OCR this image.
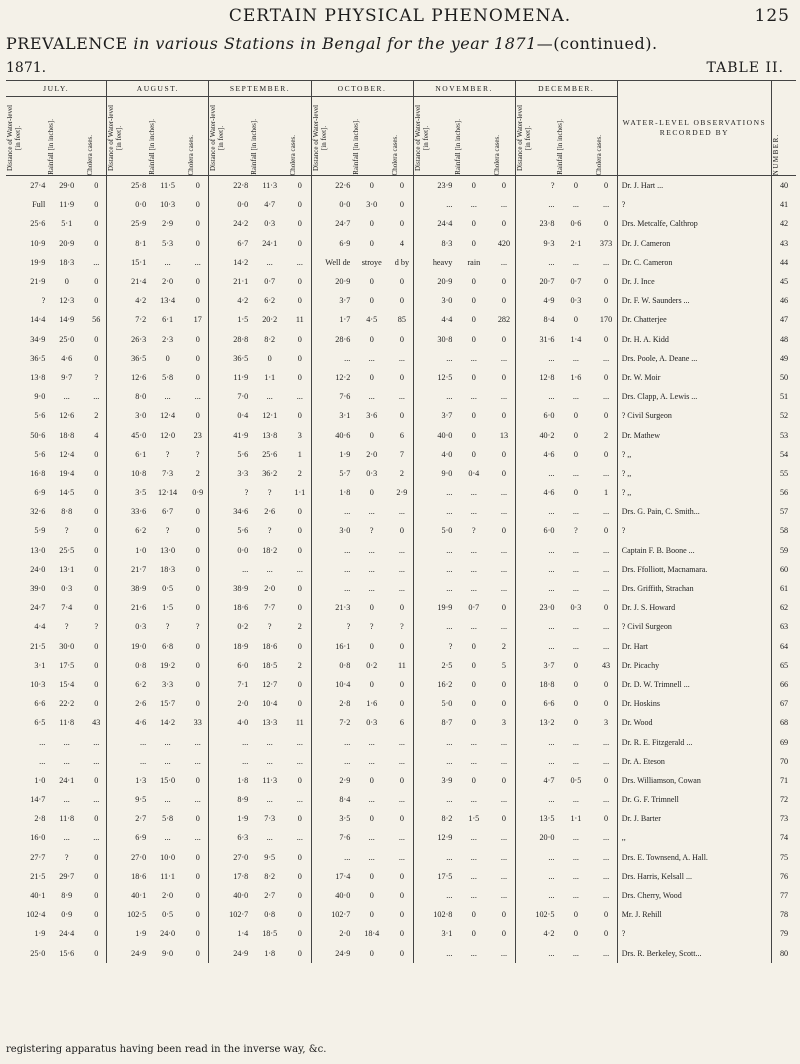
CERTAIN PHYSICAL PHENOMENA.	125
PREVALENCE in various Stations in Bengal for the year 1871—(continued).
1871.	TABLE II.
JULY.			AUGUST.			SEPTEMBER.			OCTOBER.			NOVEMBER.			DECEMBER.			WATER-LEVEL OBSERVATIONS RECORDED BY	NUMBER.

Distance of Water-level [in feet].	Rainfall [in inches].	Cholera cases.	Distance of Water-level [in feet].	Rainfall [in inches].	Cholera cases.	Distance of Water-level [in feet].	Rainfall [in inches].	Cholera cases.	Distance of Water-level [in feet].	Rainfall [in inches].	Cholera cases.	Distance of Water-level [in feet].	Rainfall [in inches].	Cholera cases.	Distance of Water-level [in feet].	Rainfall [in inches].	Cholera cases.		

27·4	29·0	0	25·8	11·5	0	22·8	11·3	0	22·6	0	0	23·9	0	0	?	0	0	Dr. J. Hart ...	40
Full	11·9	0	0·0	10·3	0	0·0	4·7	0	0·0	3·0	0	...	...	...	...	...	...	?	41
25·6	5·1	0	25·9	2·9	0	24·2	0·3	0	24·7	0	0	24·4	0	0	23·8	0·6	0	Drs. Metcalfe, Calthrop	42
10·9	20·9	0	8·1	5·3	0	6·7	24·1	0	6·9	0	4	8·3	0	420	9·3	2·1	373	Dr. J. Cameron	43
19·9	18·3	...	15·1	...	...	14·2	...	...	Well de	stroye	d by	heavy	rain	...	...	...	...	Dr. C. Cameron	44
21·9	0	0	21·4	2·0	0	21·1	0·7	0	20·9	0	0	20·9	0	0	20·7	0·7	0	Dr. J. Ince	45
?	12·3	0	4·2	13·4	0	4·2	6·2	0	3·7	0	0	3·0	0	0	4·9	0·3	0	Dr. F. W. Saunders ...	46
14·4	14·9	56	7·2	6·1	17	1·5	20·2	11	1·7	4·5	85	4·4	0	282	8·4	0	170	Dr. Chatterjee	47
34·9	25·0	0	26·3	2·3	0	28·8	8·2	0	28·6	0	0	30·8	0	0	31·6	1·4	0	Dr. H. A. Kidd	48
36·5	4·6	0	36·5	0	0	36·5	0	0	...	...	...	...	...	...	...	...	...	Drs. Poole, A. Deane ...	49
13·8	9·7	?	12·6	5·8	0	11·9	1·1	0	12·2	0	0	12·5	0	0	12·8	1·6	0	Dr. W. Moir	50
9·0	...	...	8·0	...	...	7·0	...	...	7·6	...	...	...	...	...	...	...	...	Drs. Clapp, A. Lewis ...	51
5·6	12·6	2	3·0	12·4	0	0·4	12·1	0	3·1	3·6	0	3·7	0	0	6·0	0	0	? Civil Surgeon	52
50·6	18·8	4	45·0	12·0	23	41·9	13·8	3	40·6	0	6	40·0	0	13	40·2	0	2	Dr. Mathew	53
5·6	12·4	0	6·1	?	?	5·6	25·6	1	1·9	2·0	7	4·0	0	0	4·6	0	0	? ,,	54
16·8	19·4	0	10·8	7·3	2	3·3	36·2	2	5·7	0·3	2	9·0	0·4	0	...	...	...	? ,,	55
6·9	14·5	0	3·5	12·14	0·9	?	?	1·1	1·8	0	2·9	...	...	...	4·6	0	1	? ,,	56
32·6	8·8	0	33·6	6·7	0	34·6	2·6	0	...	...	...	...	...	...	...	...	...	Drs. G. Pain, C. Smith...	57
5·9	?	0	6·2	?	0	5·6	?	0	3·0	?	0	5·0	?	0	6·0	?	0	?	58
13·0	25·5	0	1·0	13·0	0	0·0	18·2	0	...	...	...	...	...	...	...	...	...	Captain F. B. Boone ...	59
24·0	13·1	0	21·7	18·3	0	...	...	...	...	...	...	...	...	...	...	...	...	Drs. Ffolliott, Macnamara.	60
39·0	0·3	0	38·9	0·5	0	38·9	2·0	0	...	...	...	...	...	...	...	...	...	Drs. Griffith, Strachan	61
24·7	7·4	0	21·6	1·5	0	18·6	7·7	0	21·3	0	0	19·9	0·7	0	23·0	0·3	0	Dr. J. S. Howard	62
4·4	?	?	0·3	?	?	0·2	?	2	?	?	?	...	...	...	...	...	...	? Civil Surgeon	63
21·5	30·0	0	19·0	6·8	0	18·9	18·6	0	16·1	0	0	?	0	2	...	...	...	Dr. Hart	64
3·1	17·5	0	0·8	19·2	0	6·0	18·5	2	0·8	0·2	11	2·5	0	5	3·7	0	43	Dr. Picachy	65
10·3	15·4	0	6·2	3·3	0	7·1	12·7	0	10·4	0	0	16·2	0	0	18·8	0	0	Dr. D. W. Trimnell ...	66
6·6	22·2	0	2·6	15·7	0	2·0	10·4	0	2·8	1·6	0	5·0	0	0	6·6	0	0	Dr. Hoskins	67
6·5	11·8	43	4·6	14·2	33	4·0	13·3	11	7·2	0·3	6	8·7	0	3	13·2	0	3	Dr. Wood	68
...	...	...	...	...	...	...	...	...	...	...	...	...	...	...	...	...	...	Dr. R. E. Fitzgerald ...	69
...	...	...	...	...	...	...	...	...	...	...	...	...	...	...	...	...	...	Dr. A. Eteson	70
1·0	24·1	0	1·3	15·0	0	1·8	11·3	0	2·9	0	0	3·9	0	0	4·7	0·5	0	Drs. Williamson, Cowan	71
14·7	...	...	9·5	...	...	8·9	...	...	8·4	...	...	...	...	...	...	...	...	Dr. G. F. Trimnell	72
2·8	11·8	0	2·7	5·8	0	1·9	7·3	0	3·5	0	0	8·2	1·5	0	13·5	1·1	0	Dr. J. Barter	73
16·0	...	...	6·9	...	...	6·3	...	...	7·6	...	...	12·9	...	...	20·0	...	...	,,	74
27·7	?	0	27·0	10·0	0	27·0	9·5	0	...	...	...	...	...	...	...	...	...	Drs. E. Townsend, A. Hall.	75
21·5	29·7	0	18·6	11·1	0	17·8	8·2	0	17·4	0	0	17·5	...	...	...	...	...	Drs. Harris, Kelsall ...	76
40·1	8·9	0	40·1	2·0	0	40·0	2·7	0	40·0	0	0	...	...	...	...	...	...	Drs. Cherry, Wood	77
102·4	0·9	0	102·5	0·5	0	102·7	0·8	0	102·7	0	0	102·8	0	0	102·5	0	0	Mr. J. Rehill	78
1·9	24·4	0	1·9	24·0	0	1·4	18·5	0	2·0	18·4	0	3·1	0	0	4·2	0	0	?	79
25·0	15·6	0	24·9	9·0	0	24·9	1·8	0	24·9	0	0	...	...	...	...	...	...	Drs. R. Berkeley, Scott...	80
registering apparatus having been read in the inverse way, &c.
